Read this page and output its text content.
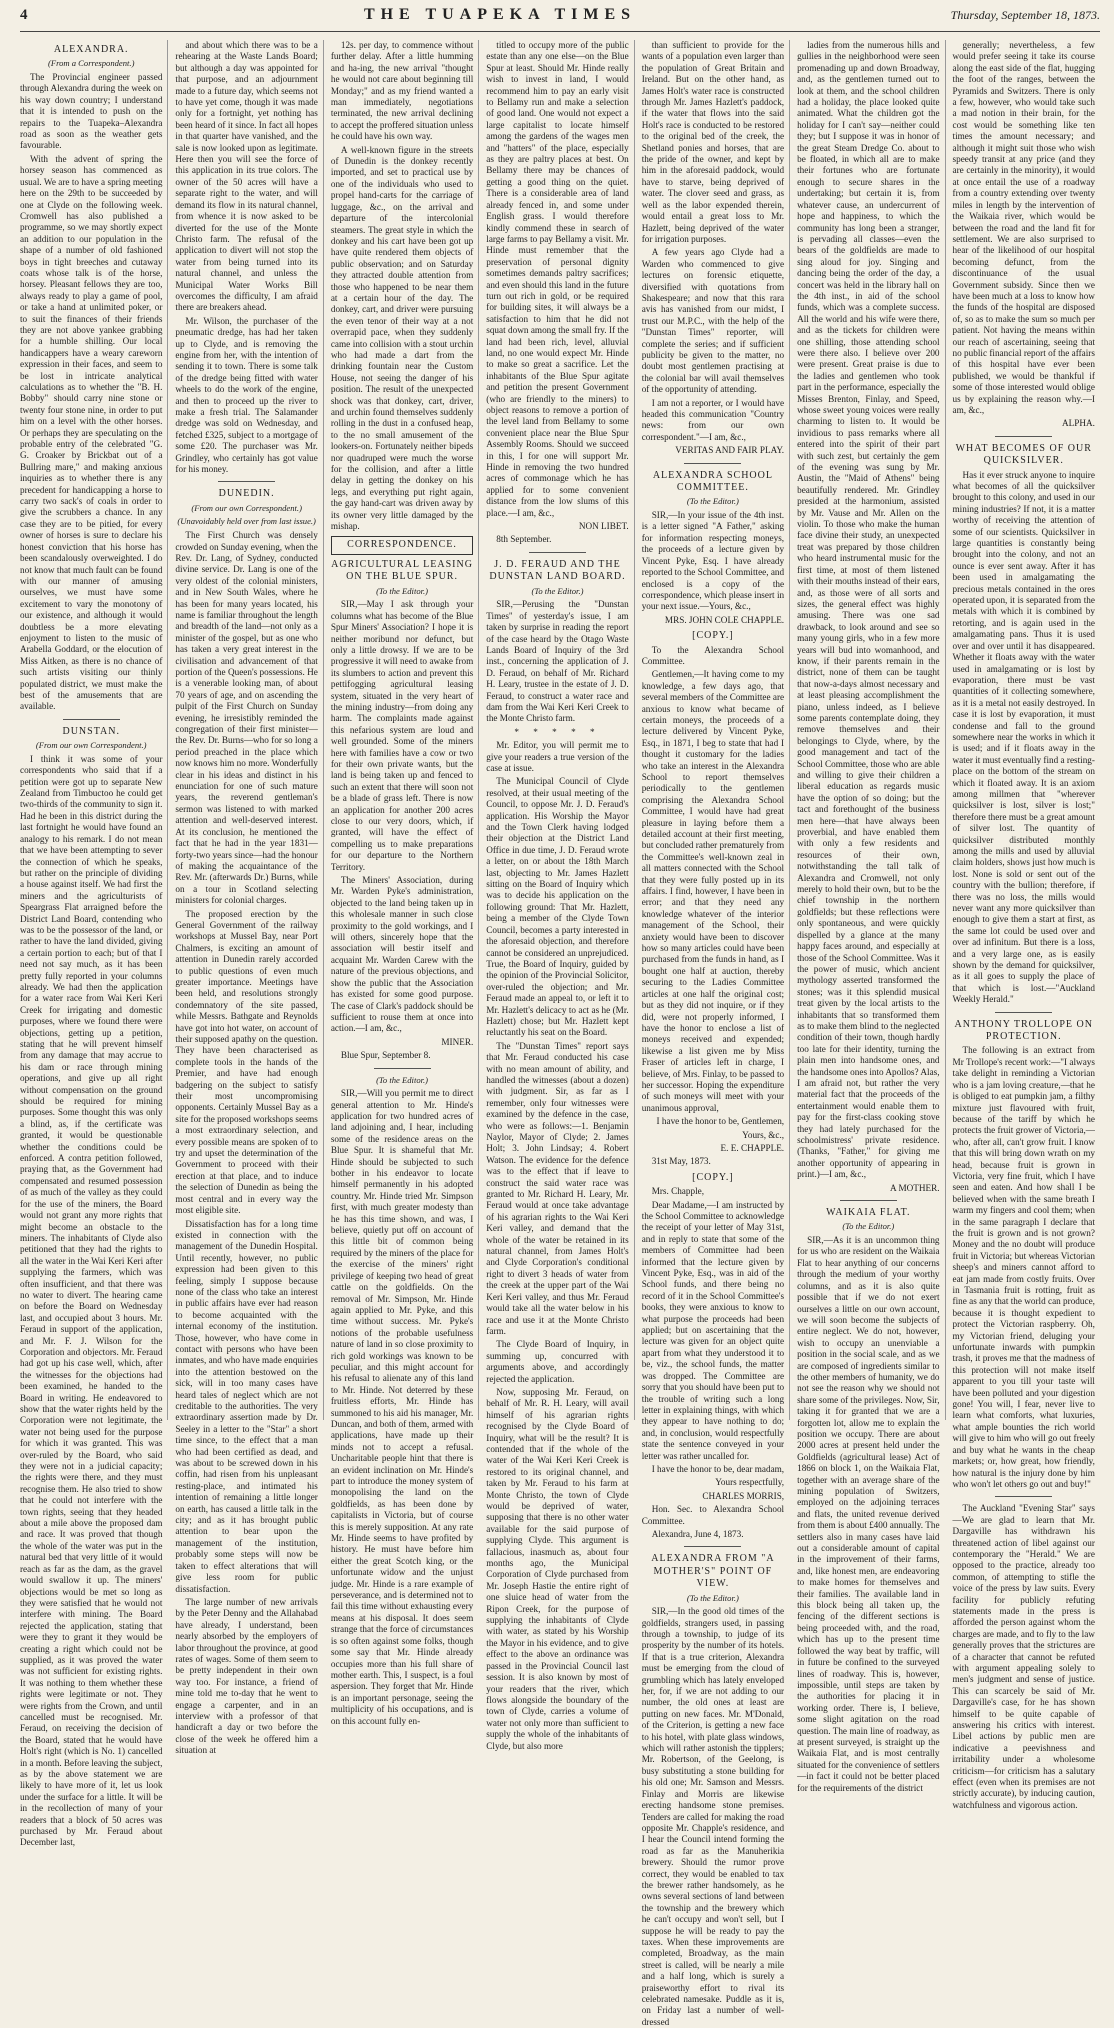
4	THE TUAPEKA TIMES	Thursday, September 18, 1873.
ALEXANDRA.
(From a Correspondent.)

The Provincial engineer passed through Alexandra during the week on his way down country; I understand that it is intended to push on the repairs to the Tuapeka–Alexandra road as soon as the weather gets favourable.

With the advent of spring the horsey season has commenced as usual. We are to have a spring meeting here on the 29th to be succeeded by one at Clyde on the following week. Cromwell has also published a programme, so we may shortly expect an addition to our population in the shape of a number of old fashioned boys in tight breeches and cutaway coats whose talk is of the horse, horsey. Pleasant fellows they are too, always ready to play a game of pool, or take a hand at unlimited poker, or to suit the finances of their friends they are not above yankee grabbing for a humble shilling. Our local handicappers have a weary careworn expression in their faces, and seem to be lost in intricate analytical calculations as to whether the "B. H. Bobby" should carry nine stone or twenty four stone nine, in order to put him on a level with the other horses. Or perhaps they are speculating on the probable entry of the celebrated "G. G. Croaker by Brickbat out of a Bullring mare," and making anxious inquiries as to whether there is any precedent for handicapping a horse to carry two sack's of coals in order to give the scrubbers a chance. In any case they are to be pitied, for every owner of horses is sure to declare his honest conviction that his horse has been scandalously overweighted. I do not know that much fault can be found with our manner of amusing ourselves, we must have some excitement to vary the monotony of our existence, and although it would doubtless be a more elevating enjoyment to listen to the music of Arabella Goddard, or the elocution of Miss Aitken, as there is no chance of such artists visiting our thinly populated district, we must make the best of the amusements that are available.

DUNSTAN.
(From our own Correspondent.)

I think it was some of your correspondents who said that if a petition were got up to separate New Zealand from Timbuctoo he could get two-thirds of the community to sign it. Had he been in this district during the last fortnight he would have found an analogy to his remark. I do not mean that we have been attempting to sever the connection of which he speaks, but rather on the principle of dividing a house against itself. We had first the miners and the agriculturists of Speargrass Flat arraigned before the District Land Board, contending who was to be the possessor of the land, or rather to have the land divided, giving a certain portion to each; but of that I need not say much, as it has been pretty fully reported in your columns already. We had then the application for a water race from Wai Keri Keri Creek for irrigating and domestic purposes, where we found there were objections, getting up a petition, stating that he will prevent himself from any damage that may accrue to his dam or race through mining operations, and give up all right without compensation on the ground should be required for mining purposes. Some thought this was only a blind, as, if the certificate was granted, it would be questionable whether the conditions could be enforced. A contra petition followed, praying that, as the Government had compensated and resumed possession of as much of the valley as they could for the use of the miners, the Board would not grant any more rights that might become an obstacle to the miners. The inhabitants of Clyde also petitioned that they had the rights to all the water in the Wai Keri Keri after supplying the farmers, which was often insufficient, and that there was no water to divert. The hearing came on before the Board on Wednesday last, and occupied about 3 hours. Mr. Feraud in support of the application, and Mr. F. J. Wilson for the Corporation and objectors. Mr. Feraud had got up his case well, which, after the witnesses for the objections had been examined, he handed to the Board in writing. He endeavored to show that the water rights held by the Corporation were not legitimate, the water not being used for the purpose for which it was granted. This was over-ruled by the Board, who said they were not in a judicial capacity; the rights were there, and they must recognise them. He also tried to show that he could not interfere with the town rights, seeing that they headed about a mile above the proposed dam and race. It was proved that though the whole of the water was put in the natural bed that very little of it would reach as far as the dam, as the gravel would swallow it up. The miners' objections would be met so long as they were satisfied that he would not interfere with mining. The Board rejected the application, stating that were they to grant it they would be creating a right which could not be supplied, as it was proved the water was not sufficient for existing rights. It was nothing to them whether these rights were legitimate or not. They were rights from the Crown, and until cancelled must be recognised. Mr. Feraud, on receiving the decision of the Board, stated that he would have Holt's right (which is No. 1) cancelled in a month. Before leaving the subject, as by the above statement we are likely to have more of it, let us look under the surface for a little. It will be in the recollection of many of your readers that a block of 50 acres was purchased by Mr. Feraud about December last,

and about which there was to be a rehearing at the Waste Lands Board; but although a day was appointed for that purpose, and an adjournment made to a future day, which seems not to have yet come, though it was made only for a fortnight, yet nothing has been heard of it since. In fact all hopes in that quarter have vanished, and the sale is now looked upon as legitimate. Here then you will see the force of this application in its true colors. The owner of the 50 acres will have a separate right to the water, and will demand its flow in its natural channel, from whence it is now asked to be diverted for the use of the Monte Christo farm. The refusal of the application to divert will not stop the water from being turned into its natural channel, and unless the Municipal Water Works Bill overcomes the difficulty, I am afraid there are breakers ahead.

Mr. Wilson, the purchaser of the pneumatic dredge, has had her taken up to Clyde, and is removing the engine from her, with the intention of sending it to town. There is some talk of the dredge being fitted with water wheels to do the work of the engine, and then to proceed up the river to make a fresh trial. The Salamander dredge was sold on Wednesday, and fetched £325, subject to a mortgage of some £20. The purchaser was Mr. Grindley, who certainly has got value for his money.

DUNEDIN.
(From our own Correspondent.)
(Unavoidably held over from last issue.)

The First Church was densely crowded on Sunday evening, when the Rev. Dr. Lang, of Sydney, conducted divine service. Dr. Lang is one of the very oldest of the colonial ministers, and in New South Wales, where he has been for many years located, his name is familiar throughout the length and breadth of the land—not only as a minister of the gospel, but as one who has taken a very great interest in the civilisation and advancement of that portion of the Queen's possessions. He is a venerable looking man, of about 70 years of age, and on ascending the pulpit of the First Church on Sunday evening, he irresistibly reminded the congregation of their first minister—the Rev. Dr. Burns—who for so long a period preached in the place which now knows him no more. Wonderfully clear in his ideas and distinct in his enunciation for one of such mature years, the reverend gentleman's sermon was listened to with marked attention and well-deserved interest. At its conclusion, he mentioned the fact that he had in the year 1831—forty-two years since—had the honour of making the acquaintance of the Rev. Mr. (afterwards Dr.) Burns, while on a tour in Scotland selecting ministers for colonial charges.

The proposed erection by the General Government of the railway workshops at Mussel Bay, near Port Chalmers, is exciting an amount of attention in Dunedin rarely accorded to public questions of even much greater importance. Meetings have been held, and resolutions strongly condemnatory of the site passed, while Messrs. Bathgate and Reynolds have got into hot water, on account of their supposed apathy on the question. They have been characterised as complete tools in the hands of the Premier, and have had enough badgering on the subject to satisfy their most uncompromising opponents. Certainly Mussel Bay as a site for the proposed workshops seems a most extraordinary selection, and every possible means are spoken of to try and upset the determination of the Government to proceed with their erection at that place, and to induce the selection of Dunedin as being the most central and in every way the most eligible site.

Dissatisfaction has for a long time existed in connection with the management of the Dunedin Hospital. Until recently, however, no public expression had been given to this feeling, simply I suppose because none of the class who take an interest in public affairs have ever had reason to become acquainted with the internal economy of the institution. Those, however, who have come in contact with persons who have been inmates, and who have made enquiries into the attention bestowed on the sick, will in too many cases have heard tales of neglect which are not creditable to the authorities. The very extraordinary assertion made by Dr. Seeley in a letter to the "Star" a short time since, to the effect that a man who had been certified as dead, and was about to be screwed down in his coffin, had risen from his unpleasant resting-place, and intimated his intention of remaining a little longer on earth, has caused a little talk in the city; and as it has brought public attention to bear upon the management of the institution, probably some steps will now be taken to effect alterations that will give less room for public dissatisfaction.

The large number of new arrivals by the Peter Denny and the Allahabad have already, I understand, been nearly absorbed by the employers of labor throughout the province, at good rates of wages. Some of them seem to be pretty independent in their own way too. For instance, a friend of mine told me to-day that he went to engage a carpenter, and in an interview with a professor of that handicraft a day or two before the close of the week he offered him a situation at

12s. per day, to commence without further delay. After a little humming and ha-ing, the new arrival "thought he would not care about beginning till Monday;" and as my friend wanted a man immediately, negotiations terminated, the new arrival declining to accept the proffered situation unless he could have his own way.

A well-known figure in the streets of Dunedin is the donkey recently imported, and set to practical use by one of the individuals who used to propel hand-carts for the carriage of luggage, &c., on the arrival and departure of the intercolonial steamers. The great style in which the donkey and his cart have been got up have quite rendered them objects of public observation; and on Saturday they attracted double attention from those who happened to be near them at a certain hour of the day. The donkey, cart, and driver were pursuing the even tenor of their way at a not overrapid pace, when they suddenly came into collision with a stout urchin who had made a dart from the drinking fountain near the Custom House, not seeing the danger of his position. The result of the unexpected shock was that donkey, cart, driver, and urchin found themselves suddenly rolling in the dust in a confused heap, to the no small amusement of the lookers-on. Fortunately neither bipeds nor quadruped were much the worse for the collision, and after a little delay in getting the donkey on his legs, and everything put right again, the gay hand-cart was driven away by its owner very little damaged by the mishap.

CORRESPONDENCE.
AGRICULTURAL LEASING ON THE BLUE SPUR.
(To the Editor.)

SIR,—May I ask through your columns what has become of the Blue Spur Miners' Association? I hope it is neither moribund nor defunct, but only a little drowsy. If we are to be progressive it will need to awake from its slumbers to action and prevent this pettifogging agricultural leasing system, situated in the very heart of the mining industry—from doing any harm. The complaints made against this nefarious system are loud and well grounded. Some of the miners here with families have a cow or two for their own private wants, but the land is being taken up and fenced to such an extent that there will soon not be a blade of grass left. There is now an application for another 200 acres close to our very doors, which, if granted, will have the effect of compelling us to make preparations for our departure to the Northern Territory.

The Miners' Association, during Mr. Warden Pyke's administration, objected to the land being taken up in this wholesale manner in such close proximity to the gold workings, and I will others, sincerely hope that the association will bestir itself and acquaint Mr. Warden Carew with the nature of the previous objections, and show the public that the Association has existed for some good purpose. The case of Clark's paddock should be sufficient to rouse them at once into action.—I am, &c.,

MINER.

Blue Spur, September 8.

(To the Editor.)

SIR,—Will you permit me to direct general attention to Mr. Hinde's application for two hundred acres of land adjoining and, I hear, including some of the residence areas on the Blue Spur. It is shameful that Mr. Hinde should be subjected to such bother in his endeavor to locate himself permanently in his adopted country. Mr. Hinde tried Mr. Simpson first, with much greater modesty than he has this time shown, and was, I believe, quietly put off on account of this little bit of common being required by the miners of the place for the exercise of the miners' right privilege of keeping two head of great cattle on the goldfields. On the removal of Mr. Simpson, Mr. Hinde again applied to Mr. Pyke, and this time without success. Mr. Pyke's notions of the probable usefulness nature of land in so close proximity to rich gold workings was known to be peculiar, and this might account for his refusal to alienate any of this land to Mr. Hinde. Not deterred by these fruitless efforts, Mr. Hinde has summoned to his aid his manager, Mr. Duncan, and both of them, armed with applications, have made up their minds not to accept a refusal. Uncharitable people hint that there is an evident inclination on Mr. Hinde's part to introduce the money system of monopolising the land on the goldfields, as has been done by capitalists in Victoria, but of course this is merely supposition. At any rate Mr. Hinde seems to have profited by history. He must have before him either the great Scotch king, or the unfortunate widow and the unjust judge. Mr. Hinde is a rare example of perseverance, and is determined not to fail this time without exhausting every means at his disposal. It does seem strange that the force of circumstances is so often against some folks, though some say that Mr. Hinde already occupies more than his full share of mother earth. This, I suspect, is a foul aspersion. They forget that Mr. Hinde is an important personage, seeing the multiplicity of his occupations, and is on this account fully en-

titled to occupy more of the public estate than any one else—on the Blue Spur at least. Should Mr. Hinde really wish to invest in land, I would recommend him to pay an early visit to Bellamy run and make a selection of good land. One would not expect a large capitalist to locate himself among the gardens of the wages men and "hatters" of the place, especially as they are paltry places at best. On Bellamy there may be chances of getting a good thing on the quiet. There is a considerable area of land already fenced in, and some under English grass. I would therefore kindly commend these in search of large farms to pay Bellamy a visit. Mr. Hinde must remember that the preservation of personal dignity sometimes demands paltry sacrifices; and even should this land in the future turn out rich in gold, or be required for building sites, it will always be a satisfaction to him that he did not squat down among the small fry. If the land had been rich, level, alluvial land, no one would expect Mr. Hinde to make so great a sacrifice. Let the inhabitants of the Blue Spur agitate and petition the present Government (who are friendly to the miners) to object reasons to remove a portion of the level land from Bellamy to some convenient place near the Blue Spur Assembly Rooms. Should we succeed in this, I for one will support Mr. Hinde in removing the two hundred acres of commonage which he has applied for to some convenient distance from the low slums of this place.—I am, &c.,

NON LIBET.

8th September.

J. D. FERAUD AND THE DUNSTAN LAND BOARD.
(To the Editor.)

SIR,—Perusing the "Dunstan Times" of yesterday's issue, I am taken by surprise in reading the report of the case heard by the Otago Waste Lands Board of Inquiry of the 3rd inst., concerning the application of J. D. Feraud, on behalf of Mr. Richard H. Leary, trustee in the estate of J. D. Feraud, to construct a water race and dam from the Wai Keri Keri Creek to the Monte Christo farm.

* * * * *

Mr. Editor, you will permit me to give your readers a true version of the case at issue.

The Municipal Council of Clyde resolved, at their usual meeting of the Council, to oppose Mr. J. D. Feraud's application. His Worship the Mayor and the Town Clerk having lodged their objection at the District Land Office in due time, J. D. Feraud wrote a letter, on or about the 18th March last, objecting to Mr. James Hazlett sitting on the Board of Inquiry which was to decide his application on the following ground: That Mr. Hazlett, being a member of the Clyde Town Council, becomes a party interested in the aforesaid objection, and therefore cannot be considered an unprejudiced. True, the Board of Inquiry, guided by the opinion of the Provincial Solicitor, over-ruled the objection; and Mr. Feraud made an appeal to, or left it to Mr. Hazlett's delicacy to act as he (Mr. Hazlett) chose; but Mr. Hazlett kept reluctantly his seat on the Board.

The "Dunstan Times" report says that Mr. Feraud conducted his case with no mean amount of ability, and handled the witnesses (about a dozen) with judgment. Sir, as far as I remember, only four witnesses were examined by the defence in the case, who were as follows:—1. Benjamin Naylor, Mayor of Clyde; 2. James Holt; 3. John Lindsay; 4. Robert Watson. The evidence for the defence was to the effect that if leave to construct the said water race was granted to Mr. Richard H. Leary, Mr. Feraud would at once take advantage of his agrarian rights to the Wai Keri Keri valley, and demand that the whole of the water be retained in its natural channel, from James Holt's and Clyde Corporation's conditional right to divert 3 heads of water from the creek at the upper part of the Wai Keri Keri valley, and thus Mr. Feraud would take all the water below in his race and use it at the Monte Christo farm.

The Clyde Board of Inquiry, in summing up, concurred with arguments above, and accordingly rejected the application.

Now, supposing Mr. Feraud, on behalf of Mr. R. H. Leary, will avail himself of his agrarian rights recognised by the Clyde Board of Inquiry, what will be the result? It is contended that if the whole of the water of the Wai Keri Keri Creek is restored to its original channel, and taken by Mr. Feraud to his farm at Monte Christo, the town of Clyde would be deprived of water, supposing that there is no other water available for the said purpose of supplying Clyde. This argument is fallacious, inasmuch as, about four months ago, the Municipal Corporation of Clyde purchased from Mr. Joseph Hastie the entire right of one sluice head of water from the Ripon Creek, for the purpose of supplying the inhabitants of Clyde with water, as stated by his Worship the Mayor in his evidence, and to give effect to the above an ordinance was passed in the Provincial Council last session. It is also known by most of your readers that the river, which flows alongside the boundary of the town of Clyde, carries a volume of water not only more than sufficient to supply the whole of the inhabitants of Clyde, but also more

than sufficient to provide for the wants of a population even larger than the population of Great Britain and Ireland. But on the other hand, as James Holt's water race is constructed through Mr. James Hazlett's paddock, if the water that flows into the said Holt's race is conducted to be restored to the original bed of the creek, the Shetland ponies and horses, that are the pride of the owner, and kept by him in the aforesaid paddock, would have to starve, being deprived of water. The clover seed and grass, as well as the labor expended therein, would entail a great loss to Mr. Hazlett, being deprived of the water for irrigation purposes.

A few years ago Clyde had a Warden who commenced to give lectures on forensic etiquette, diversified with quotations from Shakespeare; and now that this rara avis has vanished from our midst, I trust our M.P.C., with the help of the "Dunstan Times" reporter, will complete the series; and if sufficient publicity be given to the matter, no doubt most gentlemen practising at the colonial bar will avail themselves of the opportunity of attending.

I am not a reporter, or I would have headed this communication "Country news: from our own correspondent."—I am, &c.,

VERITAS AND FAIR PLAY.

ALEXANDRA SCHOOL COMMITTEE.
(To the Editor.)

SIR,—In your issue of the 4th inst. is a letter signed "A Father," asking for information respecting moneys, the proceeds of a lecture given by Vincent Pyke, Esq. I have already reported to the School Committee, and enclosed is a copy of the correspondence, which please insert in your next issue.—Yours, &c.,

MRS. JOHN COLE CHAPPLE.

[COPY.]

To the Alexandra School Committee.

Gentlemen,—It having come to my knowledge, a few days ago, that several members of the Committee are anxious to know what became of certain moneys, the proceeds of a lecture delivered by Vincent Pyke, Esq., in 1871, I beg to state that had I thought it customary for the ladies who take an interest in the Alexandra School to report themselves periodically to the gentlemen comprising the Alexandra School Committee, I would have had great pleasure in laying before them a detailed account at their first meeting, but concluded rather prematurely from the Committee's well-known zeal in all matters connected with the School that they were fully posted up in its affairs. I find, however, I have been in error; and that they need any knowledge whatever of the interior management of the School, their anxiety would have been to discover how so many articles could have been purchased from the funds in hand, as I bought one half at auction, thereby securing to the Ladies Committee articles at one half the original cost; but as they did not inquire, or if they did, were not properly informed, I have the honor to enclose a list of moneys received and expended; likewise a list given me by Miss Fraser of articles left in charge, I believe, of Mrs. Finlay, to be passed to her successor. Hoping the expenditure of such moneys will meet with your unanimous approval,

I have the honor to be, Gentlemen,

Yours, &c.,

E. E. CHAPPLE.

31st May, 1873.

[COPY.]

Mrs. Chapple,

Dear Madame,—I am instructed by the School Committee to acknowledge the receipt of your letter of May 31st, and in reply to state that some of the members of Committee had been informed that the lecture given by Vincent Pyke, Esq., was in aid of the School funds, and there being no record of it in the School Committee's books, they were anxious to know to what purpose the proceeds had been applied; but on ascertaining that the lecture was given for an object quite apart from what they understood it to be, viz., the school funds, the matter was dropped. The Committee are sorry that you should have been put to the trouble of writing such a long letter in explaining things, with which they appear to have nothing to do; and, in conclusion, would respectfully state the sentence conveyed in your letter was rather uncalled for.

I have the honor to be, dear madam,

Yours respectfully,

CHARLES MORRIS,

Hon. Sec. to Alexandra School Committee.

Alexandra, June 4, 1873.

ALEXANDRA FROM "A MOTHER'S" POINT OF VIEW.
(To the Editor.)

SIR,—In the good old times of the goldfields, strangers used, in passing through a township, to judge of its prosperity by the number of its hotels. If that is a true criterion, Alexandra must be emerging from the cloud of grumbling which has lately enveloped her, for, if we are not adding to our number, the old ones at least are putting on new faces. Mr. M'Donald, of the Criterion, is getting a new face to his hotel, with plate glass windows, which will rather astonish the tipplers; Mr. Robertson, of the Geelong, is busy substituting a stone building for his old one; Mr. Samson and Messrs. Finlay and Morris are likewise erecting handsome stone premises. Tenders are called for making the road opposite Mr. Chapple's residence, and I hear the Council intend forming the road as far as the Manuherikia brewery. Should the rumor prove correct, they would be enabled to tax the brewer rather handsomely, as he owns several sections of land between the township and the brewery which he can't occupy and won't sell, but I suppose he will be ready to pay the taxes. When these improvements are completed, Broadway, as the main street is called, will be nearly a mile and a half long, which is surely a praiseworthy effort to rival its celebrated namesake. Puddle as it is, on Friday last a number of well-dressed

ladies from the numerous hills and gullies in the neighborhood were seen promenading up and down Broadway, and, as the gentlemen turned out to look at them, and the school children had a holiday, the place looked quite animated. What the children got the holiday for I can't say—neither could they; but I suppose it was in honor of the great Steam Dredge Co. about to be floated, in which all are to make their fortunes who are fortunate enough to secure shares in the undertaking; but certain it is, from whatever cause, an undercurrent of hope and happiness, to which the community has long been a stranger, is pervading all classes—even the bears of the goldfields are made to sing aloud for joy. Singing and dancing being the order of the day, a concert was held in the library hall on the 4th inst., in aid of the school funds, which was a complete success. All the world and his wife were there, and as the tickets for children were one shilling, those attending school were there also. I believe over 200 were present. Great praise is due to the ladies and gentlemen who took part in the performance, especially the Misses Brenton, Finlay, and Speed, whose sweet young voices were really charming to listen to. It would be invidious to pass remarks where all entered into the spirit of their part with such zest, but certainly the gem of the evening was sung by Mr. Austin, the "Maid of Athens" being beautifully rendered. Mr. Grindley presided at the harmonium, assisted by Mr. Vause and Mr. Allen on the violin. To those who make the human face divine their study, an unexpected treat was prepared by those children who heard instrumental music for the first time, at most of them listened with their mouths instead of their ears, and, as those were of all sorts and sizes, the general effect was highly amusing. There was one sad drawback, to look around and see so many young girls, who in a few more years will bud into womanhood, and know, if their parents remain in the district, none of them can be taught that now-a-days almost necessary and at least pleasing accomplishment the piano, unless indeed, as I believe some parents contemplate doing, they remove themselves and their belongings to Clyde, where, by the good management and tact of the School Committee, those who are able and willing to give their children a liberal education as regards music have the option of so doing; but the tact and forethought of the business men here—that have always been proverbial, and have enabled them with only a few residents and resources of their own, notwithstanding the tall talk of Alexandra and Cromwell, not only merely to hold their own, but to be the chief township in the northern goldfields; but these reflections were only spontaneous, and were quickly dispelled by a glance at the many happy faces around, and especially at those of the School Committee. Was it the power of music, which ancient mythology asserted transformed the stones; was it this splendid musical treat given by the local artists to the inhabitants that so transformed them as to make them blind to the neglected condition of their town, though hardly too late for their identity, turning the plain men into handsome ones, and the handsome ones into Apollos? Alas, I am afraid not, but rather the very material fact that the proceeds of the entertainment would enable them to pay for the first-class cooking stove they had lately purchased for the schoolmistress' private residence. (Thanks, "Father," for giving me another opportunity of appearing in print.)—I am, &c.,

A MOTHER.

WAIKAIA FLAT.
(To the Editor.)

SIR,—As it is an uncommon thing for us who are resident on the Waikaia Flat to hear anything of our concerns through the medium of your worthy columns, and as it is also quite possible that if we do not exert ourselves a little on our own account, we will soon become the subjects of entire neglect. We do not, however, wish to occupy an unenviable a position in the social scale, and as we are composed of ingredients similar to the other members of humanity, we do not see the reason why we should not share some of the privileges. Now, Sir, taking it for granted that we are a forgotten lot, allow me to explain the position we occupy. There are about 2000 acres at present held under the Goldfields (agricultural lease) Act of 1866 on block 1, on the Waikaia Flat, together with an average share of the mining population of Switzers, employed on the adjoining terraces and flats, the united revenue derived from them is about £400 annually. The settlers also in many cases have laid out a considerable amount of capital in the improvement of their farms, and, like honest men, are endeavoring to make homes for themselves and their families. The available land in this block being all taken up, the fencing of the different sections is being proceeded with, and the road, which has up to the present time followed the way beat by traffic, will in future be confined to the surveyed lines of roadway. This is, however, impossible, until steps are taken by the authorities for placing it in working order. There is, I believe, some slight agitation on the road question. The main line of roadway, as at present surveyed, is straight up the Waikaia Flat, and is most centrally situated for the convenience of settlers—in fact it could not be better placed for the requirements of the district

generally; nevertheless, a few would prefer seeing it take its course along the east side of the flat, hugging the foot of the ranges, between the Pyramids and Switzers. There is only a few, however, who would take such a mad notion in their brain, for the cost would be something like ten times the amount necessary; and although it might suit those who wish speedy transit at any price (and they are certainly in the minority), it would at once entail the use of a roadway from a country extending over twenty miles in length by the intervention of the Waikaia river, which would be between the road and the land fit for settlement. We are also surprised to hear of the likelihood of our hospital becoming defunct, from the discontinuance of the usual Government subsidy. Since then we have been much at a loss to know how the funds of the hospital are disposed of, so as to make the sum so much per patient. Not having the means within our reach of ascertaining, seeing that no public financial report of the affairs of this hospital have ever been published, we would be thankful if some of those interested would oblige us by explaining the reason why.—I am, &c.,

ALPHA.

WHAT BECOMES OF OUR QUICKSILVER.

Has it ever struck anyone to inquire what becomes of all the quicksilver brought to this colony, and used in our mining industries? If not, it is a matter worthy of receiving the attention of some of our scientists. Quicksilver in large quantities is constantly being brought into the colony, and not an ounce is ever sent away. After it has been used in amalgamating the precious metals contained in the ores operated upon, it is separated from the metals with which it is combined by retorting, and is again used in the amalgamating pans. Thus it is used over and over until it has disappeared. Whether it floats away with the water used in amalgamating or is lost by evaporation, there must be vast quantities of it collecting somewhere, as it is a metal not easily destroyed. In case it is lost by evaporation, it must condense and fall to the ground somewhere near the works in which it is used; and if it floats away in the water it must eventually find a resting-place on the bottom of the stream on which it floated away. It is an axiom among millmen that "wherever quicksilver is lost, silver is lost;" therefore there must be a great amount of silver lost. The quantity of quicksilver distributed monthly among the mills and used by alluvial claim holders, shows just how much is lost. None is sold or sent out of the country with the bullion; therefore, if there was no loss, the mills would never want any more quicksilver than enough to give them a start at first, as the same lot could be used over and over ad infinitum. But there is a loss, and a very large one, as is easily shown by the demand for quicksilver, as it all goes to supply the place of that which is lost.—"Auckland Weekly Herald."

ANTHONY TROLLOPE ON PROTECTION.

The following is an extract from Mr Trollope's recent work:—"I always take delight in reminding a Victorian who is a jam loving creature,—that he is obliged to eat pumpkin jam, a filthy mixture just flavoured with fruit, because of the tariff by which he protects the fruit grower of Victoria,—who, after all, can't grow fruit. I know that this will bring down wrath on my head, because fruit is grown in Victoria, very fine fruit, which I have seen and eaten. And how shall I be believed when with the same breath I warm my fingers and cool them; when in the same paragraph I declare that the fruit is grown and is not grown? Money and the no doubt will produce fruit in Victoria; but whereas Victorian sheep's and miners cannot afford to eat jam made from costly fruits. Over in Tasmania fruit is rotting, fruit as fine as any that the world can produce, because it is thought expedient to protect the Victorian raspberry. Oh, my Victorian friend, deluging your unfortunate inwards with pumpkin trash, it proves me that the madness of this protection will not make itself apparent to you till your taste will have been polluted and your digestion gone! You will, I fear, never live to learn what comforts, what luxuries, what ample bounties the rich world will give to him who will go out freely and buy what he wants in the cheap markets; or, how great, how friendly, how natural is the injury done by him who won't let others go out and buy!"

The Auckland "Evening Star" says—We are glad to learn that Mr. Dargaville has withdrawn his threatened action of libel against our contemporary the "Herald." We are opposed to the practice, already too common, of attempting to stifle the voice of the press by law suits. Every facility for publicly refuting statements made in the press is afforded the person against whom the charges are made, and to fly to the law generally proves that the strictures are of a character that cannot be refuted with argument appealing solely to men's judgment and sense of justice. This can scarcely be said of Mr. Dargaville's case, for he has shown himself to be quite capable of answering his critics with interest. Libel actions by public men are indicative a peevishness and irritability under a wholesome criticism—for criticism has a salutary effect (even when its premises are not strictly accurate), by inducing caution, watchfulness and vigorous action.
